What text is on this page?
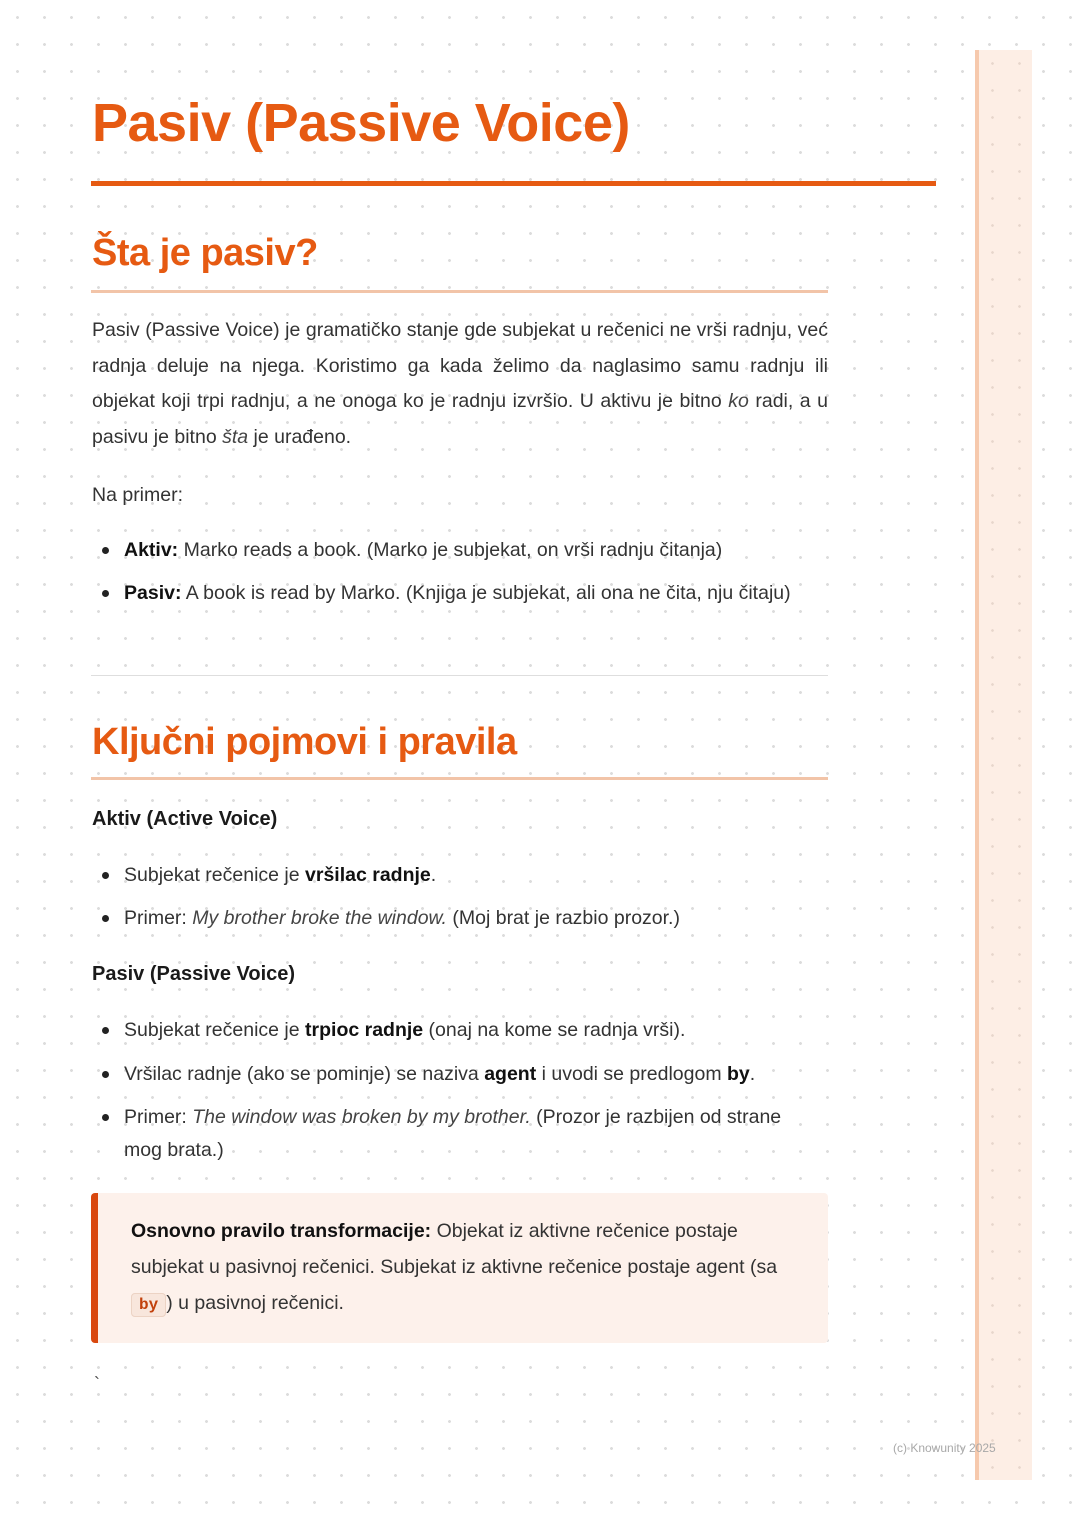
Pasiv (Passive Voice)
Šta je pasiv?

Pasiv (Passive Voice) je gramatičko stanje gde subjekat u rečenici ne vrši radnju, već radnja deluje na njega. Koristimo ga kada želimo da naglasimo samu radnju ili objekat koji trpi radnju, a ne onoga ko je radnju izvršio. U aktivu je bitno ko radi, a u pasivu je bitno šta je urađeno.

Na primer:

Aktiv: Marko reads a book. (Marko je subjekat, on vrši radnju čitanja)

Pasiv: A book is read by Marko. (Knjiga je subjekat, ali ona ne čita, nju čitaju)

Ključni pojmovi i pravila

Aktiv (Active Voice)

Subjekat rečenice je vršilac radnje.

Primer: My brother broke the window. (Moj brat je razbio prozor.)

Pasiv (Passive Voice)

Subjekat rečenice je trpioc radnje (onaj na kome se radnja vrši).

Vršilac radnje (ako se pominje) se naziva agent i uvodi se predlogom by.

Primer: The window was broken by my brother. (Prozor je razbijen od strane mog brata.)

Osnovno pravilo transformacije: Objekat iz aktivne rečenice postaje subjekat u pasivnoj rečenici. Subjekat iz aktivne rečenice postaje agent (sa by ) u pasivnoj rečenici.

`
(c) Knowunity 2025
